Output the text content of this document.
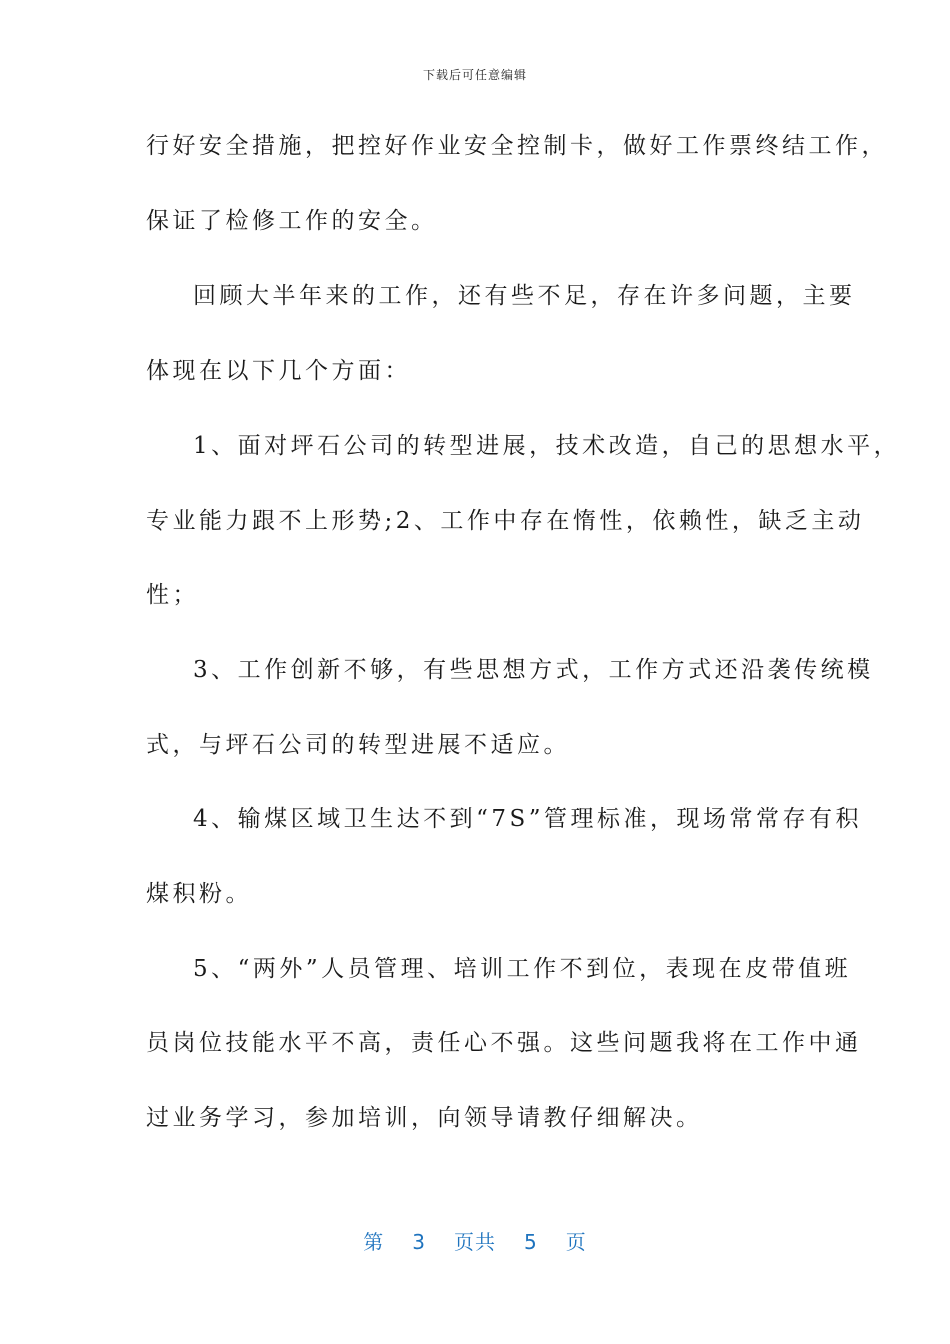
下载后可任意编辑
行好安全措施，把控好作业安全控制卡，做好工作票终结工作，
保证了检修工作的安全。
回顾大半年来的工作，还有些不足，存在许多问题，主要
体现在以下几个方面：
1、面对坪石公司的转型进展，技术改造，自己的思想水平，
专业能力跟不上形势;2、工作中存在惰性，依赖性，缺乏主动
性；
3、工作创新不够，有些思想方式，工作方式还沿袭传统模
式，与坪石公司的转型进展不适应。
4、输煤区域卫生达不到“7S”管理标准，现场常常存有积
煤积粉。
5、“两外”人员管理、培训工作不到位，表现在皮带值班
员岗位技能水平不高，责任心不强。这些问题我将在工作中通
过业务学习，参加培训，向领导请教仔细解决。
第 3 页共 5 页
